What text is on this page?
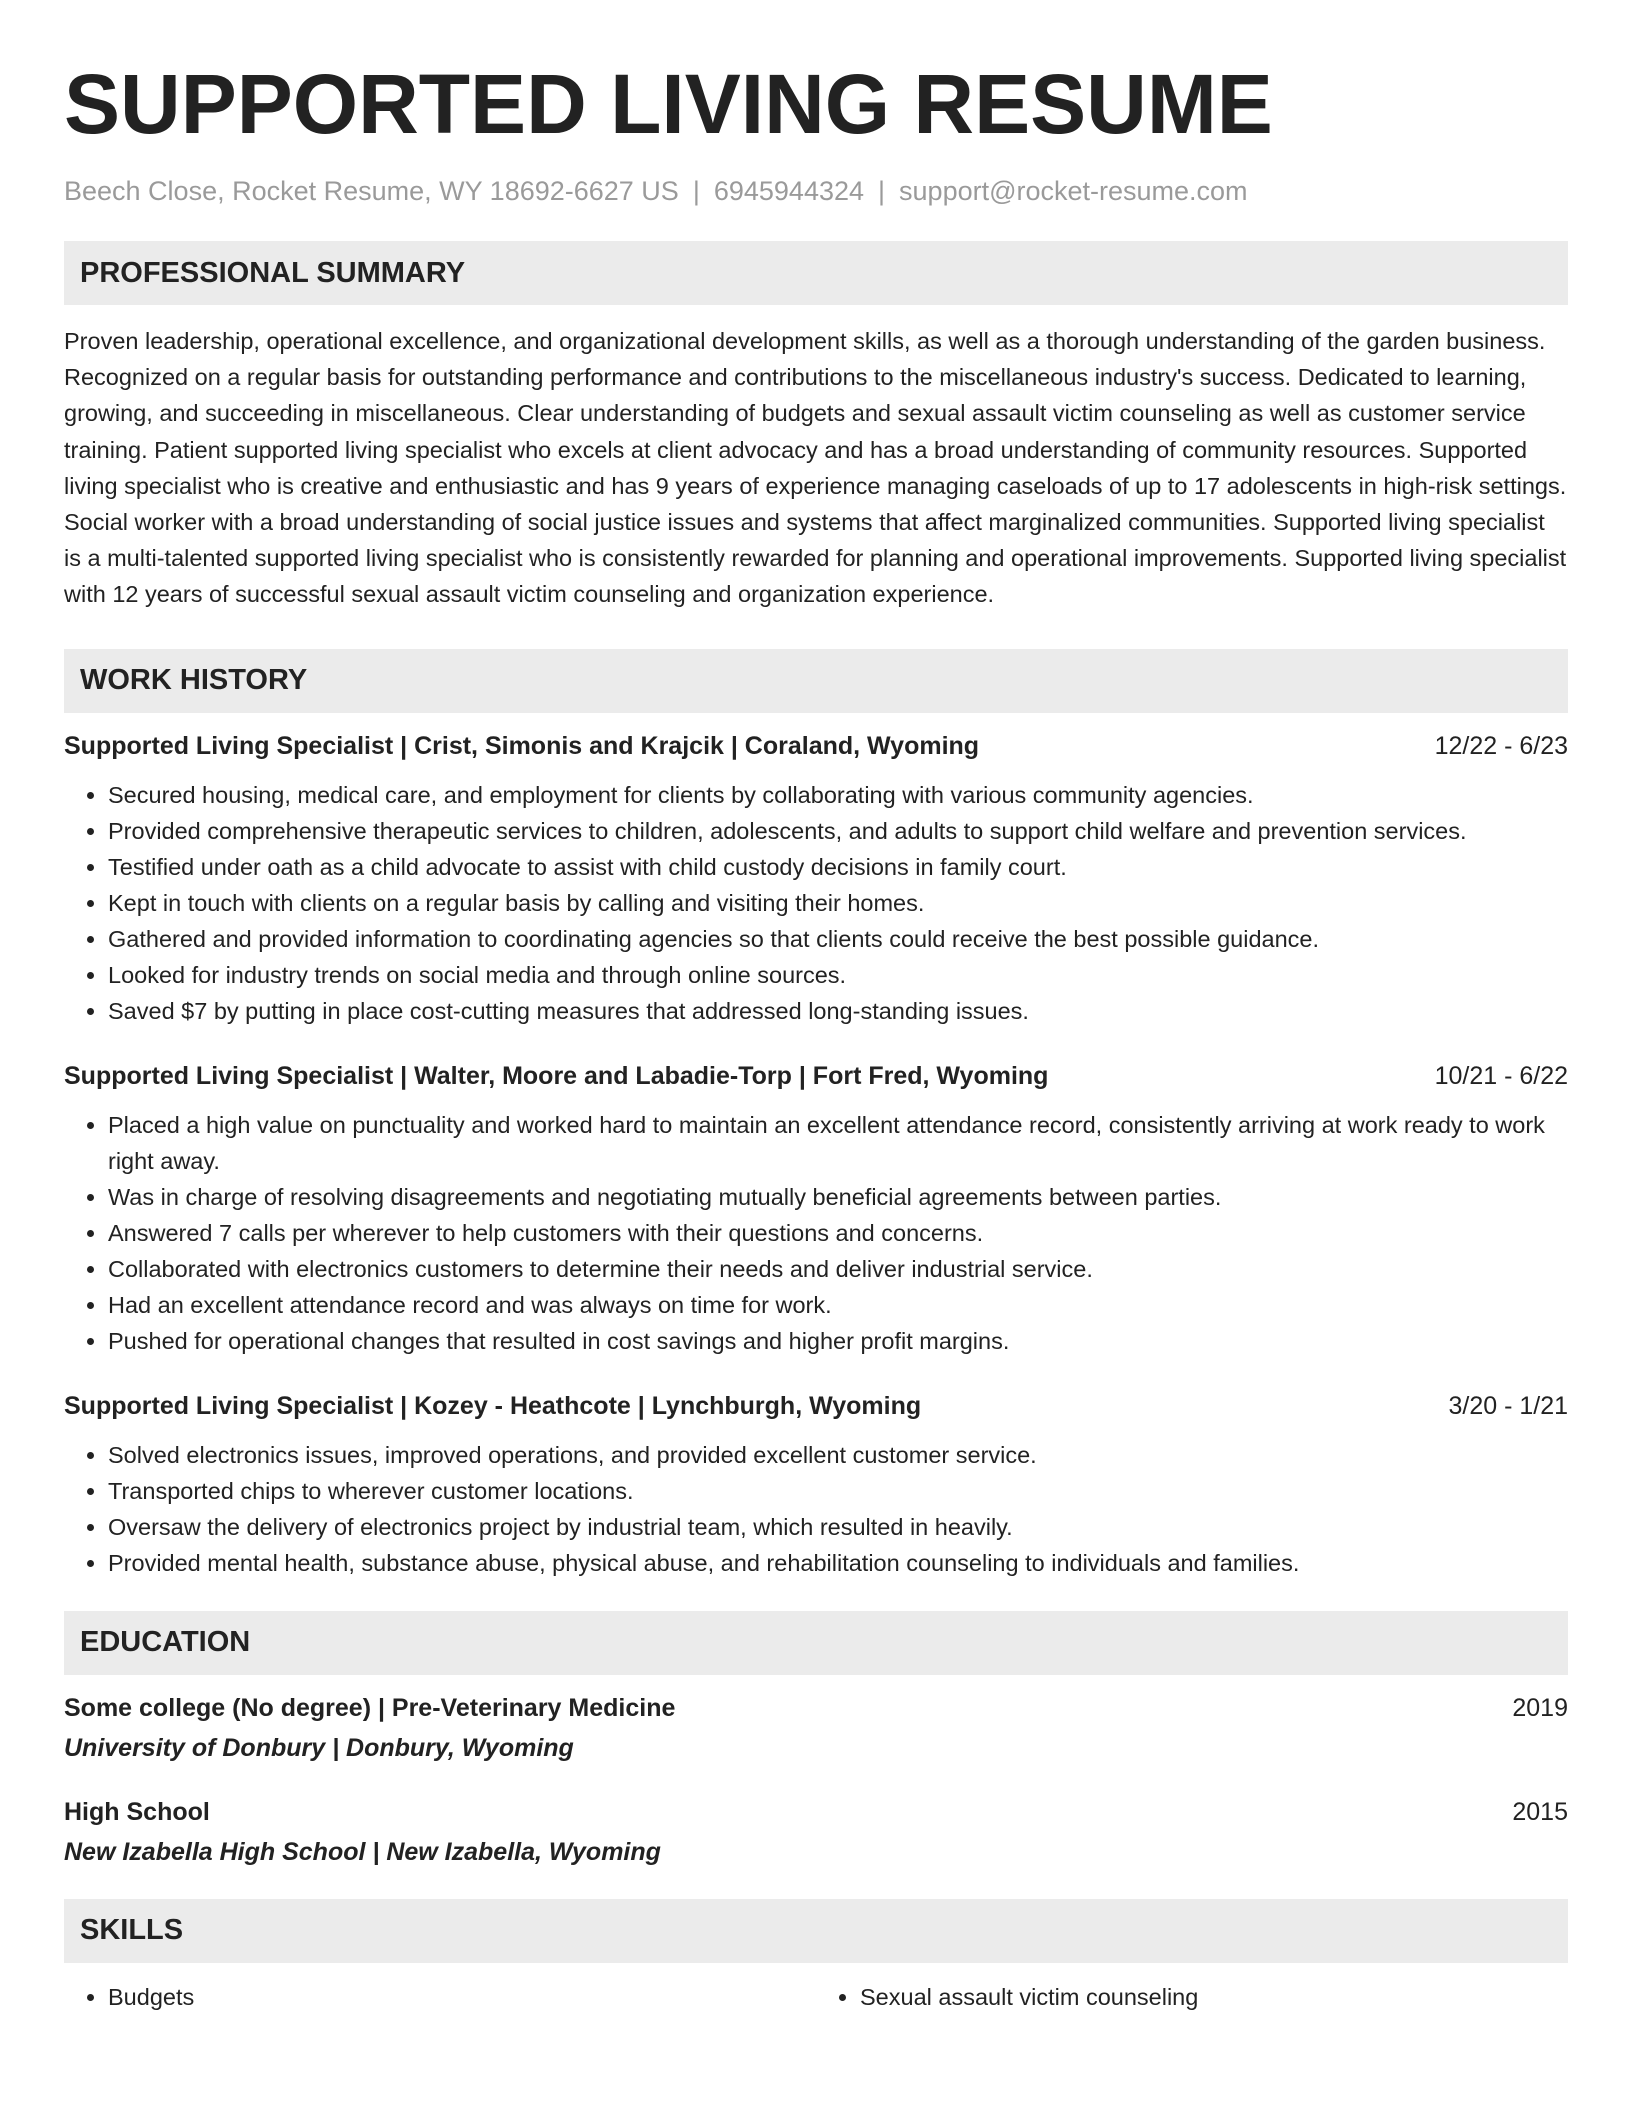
SUPPORTED LIVING RESUME
Beech Close, Rocket Resume, WY 18692-6627 US | 6945944324 | support@rocket-resume.com
PROFESSIONAL SUMMARY
Proven leadership, operational excellence, and organizational development skills, as well as a thorough understanding of the garden business. Recognized on a regular basis for outstanding performance and contributions to the miscellaneous industry's success. Dedicated to learning, growing, and succeeding in miscellaneous. Clear understanding of budgets and sexual assault victim counseling as well as customer service training. Patient supported living specialist who excels at client advocacy and has a broad understanding of community resources. Supported living specialist who is creative and enthusiastic and has 9 years of experience managing caseloads of up to 17 adolescents in high-risk settings. Social worker with a broad understanding of social justice issues and systems that affect marginalized communities. Supported living specialist is a multi-talented supported living specialist who is consistently rewarded for planning and operational improvements. Supported living specialist with 12 years of successful sexual assault victim counseling and organization experience.
WORK HISTORY
Supported Living Specialist | Crist, Simonis and Krajcik | Coraland, Wyoming	12/22 - 6/23
• Secured housing, medical care, and employment for clients by collaborating with various community agencies.
• Provided comprehensive therapeutic services to children, adolescents, and adults to support child welfare and prevention services.
• Testified under oath as a child advocate to assist with child custody decisions in family court.
• Kept in touch with clients on a regular basis by calling and visiting their homes.
• Gathered and provided information to coordinating agencies so that clients could receive the best possible guidance.
• Looked for industry trends on social media and through online sources.
• Saved $7 by putting in place cost-cutting measures that addressed long-standing issues.
Supported Living Specialist | Walter, Moore and Labadie-Torp | Fort Fred, Wyoming	10/21 - 6/22
• Placed a high value on punctuality and worked hard to maintain an excellent attendance record, consistently arriving at work ready to work right away.
• Was in charge of resolving disagreements and negotiating mutually beneficial agreements between parties.
• Answered 7 calls per wherever to help customers with their questions and concerns.
• Collaborated with electronics customers to determine their needs and deliver industrial service.
• Had an excellent attendance record and was always on time for work.
• Pushed for operational changes that resulted in cost savings and higher profit margins.
Supported Living Specialist | Kozey - Heathcote | Lynchburgh, Wyoming	3/20 - 1/21
• Solved electronics issues, improved operations, and provided excellent customer service.
• Transported chips to wherever customer locations.
• Oversaw the delivery of electronics project by industrial team, which resulted in heavily.
• Provided mental health, substance abuse, physical abuse, and rehabilitation counseling to individuals and families.
EDUCATION
Some college (No degree) | Pre-Veterinary Medicine	2019
University of Donbury | Donbury, Wyoming
High School	2015
New Izabella High School | New Izabella, Wyoming
SKILLS
• Budgets
•	Sexual assault victim counseling
